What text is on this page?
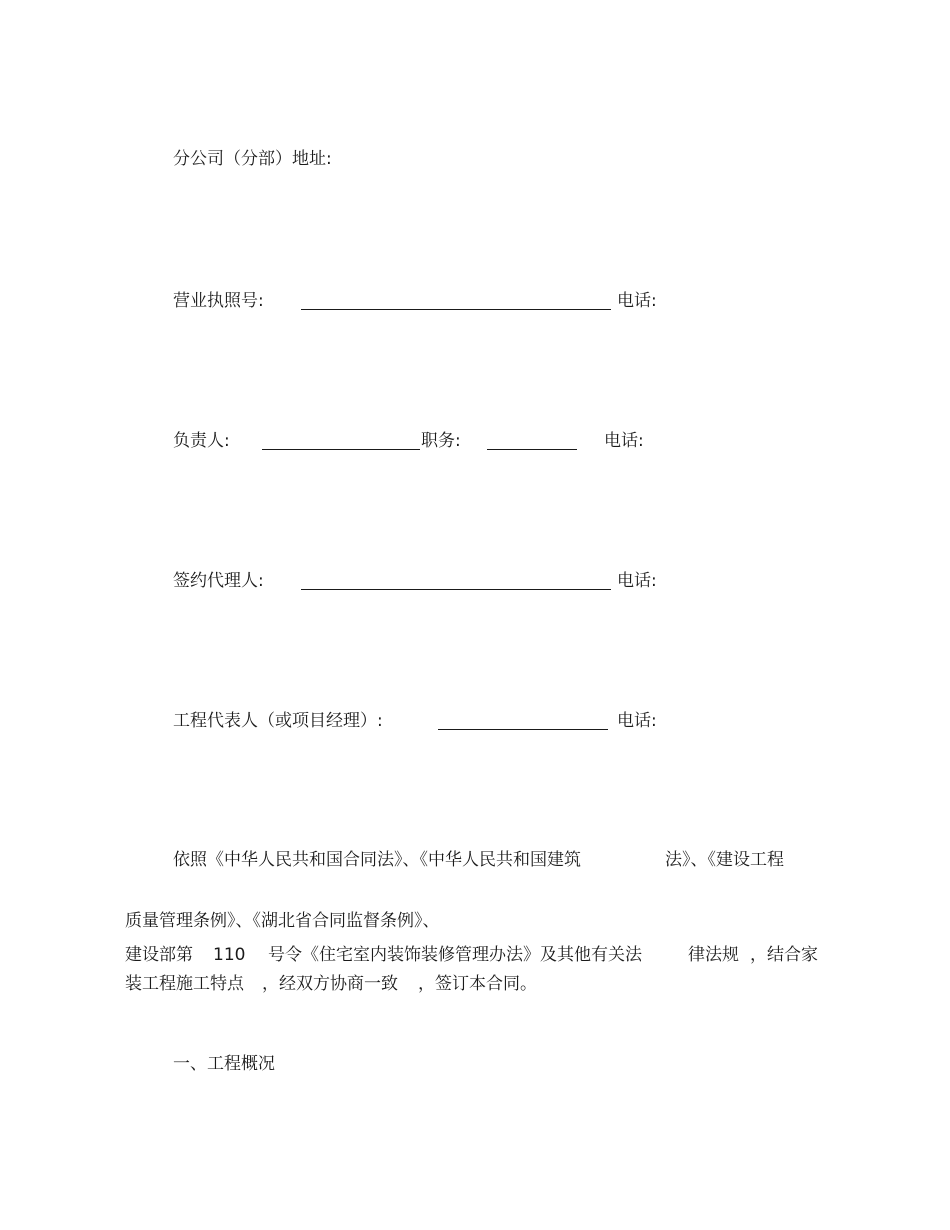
分公司（分部）地址:
营业执照号:	电话:
负责人:	职务:	电话:
签约代理人:	电话:
工程代表人（或项目经理）:	电话:
依照《中华人民共和国合同法》、《中华人民共和国建筑	法》、《建设工程
质量管理条例》、《湖北省合同监督条例》、
建设部第 110 号令《住宅室内装饰装修管理办法》及其他有关法	律法规 ，结合家
装工程施工特点 ，经双方协商一致 ，签订本合同。
一、工程概况
